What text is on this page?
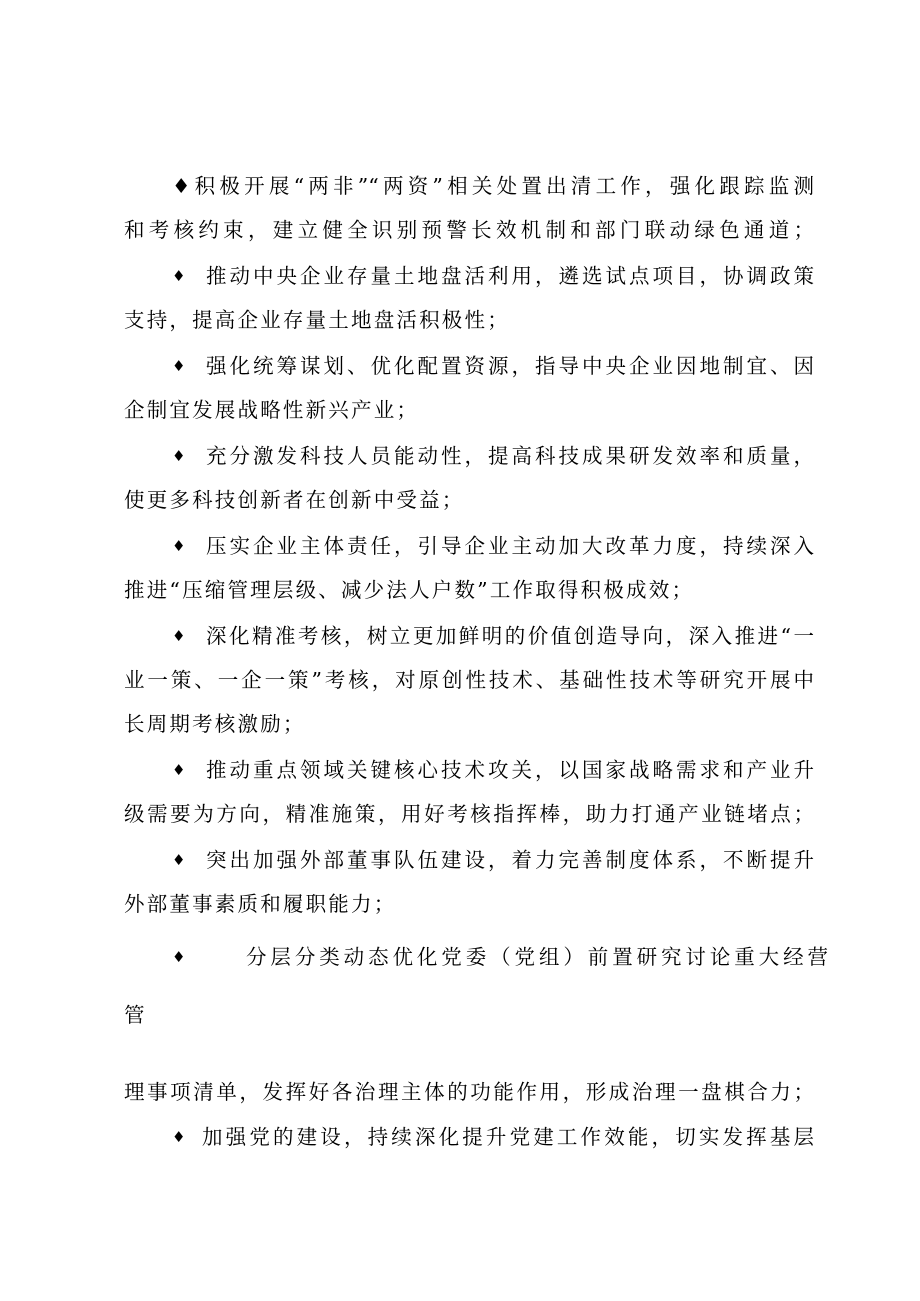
♦积极开展“两非”“两资”相关处置出清工作，强化跟踪监测
和考核约束，建立健全识别预警长效机制和部门联动绿色通道；
♦ 推动中央企业存量土地盘活利用，遴选试点项目，协调政策
支持，提高企业存量土地盘活积极性；
♦ 强化统筹谋划、优化配置资源，指导中央企业因地制宜、因
企制宜发展战略性新兴产业；
♦ 充分激发科技人员能动性，提高科技成果研发效率和质量，
使更多科技创新者在创新中受益；
♦ 压实企业主体责任，引导企业主动加大改革力度，持续深入
推进“压缩管理层级、减少法人户数”工作取得积极成效；
♦ 深化精准考核，树立更加鲜明的价值创造导向，深入推进“一
业一策、一企一策”考核，对原创性技术、基础性技术等研究开展中
长周期考核激励；
♦ 推动重点领域关键核心技术攻关，以国家战略需求和产业升
级需要为方向，精准施策，用好考核指挥棒，助力打通产业链堵点；
♦ 突出加强外部董事队伍建设，着力完善制度体系，不断提升
外部董事素质和履职能力；
♦	分层分类动态优化党委（党组）前置研究讨论重大经营
管
理事项清单，发挥好各治理主体的功能作用，形成治理一盘棋合力；
♦ 加强党的建设，持续深化提升党建工作效能，切实发挥基层
